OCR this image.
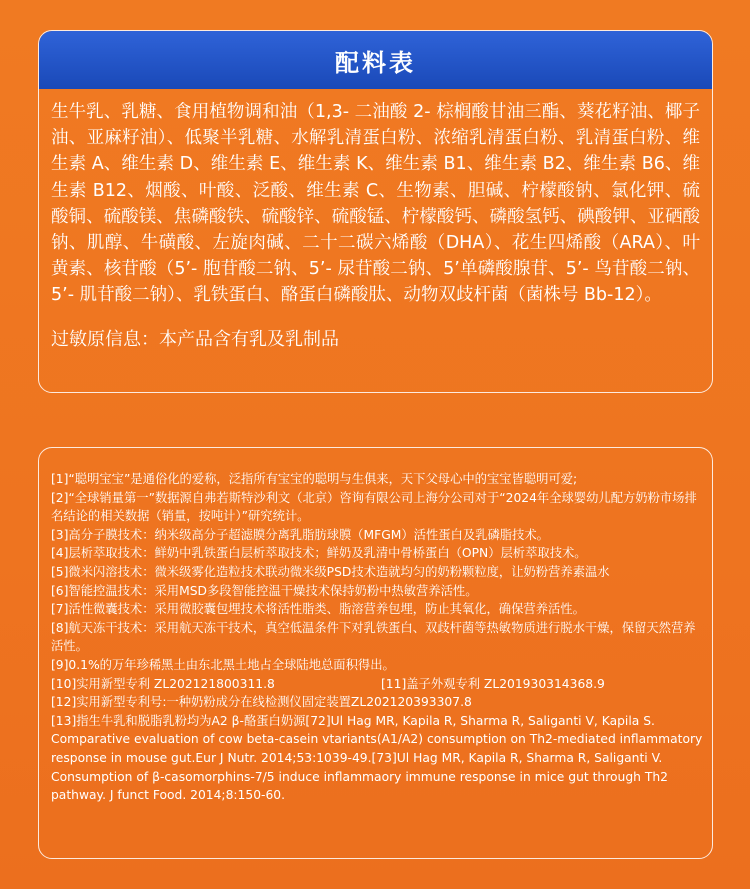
配料表
生牛乳、乳糖、食用植物调和油（1,3- 二油酸 2- 棕榈酸甘油三酯、葵花籽油、椰子油、亚麻籽油）、低聚半乳糖、水解乳清蛋白粉、浓缩乳清蛋白粉、乳清蛋白粉、维生素 A、维生素 D、维生素 E、维生素 K、维生素 B1、维生素 B2、维生素 B6、维生素 B12、烟酸、叶酸、泛酸、维生素 C、生物素、胆碱、柠檬酸钠、氯化钾、硫酸铜、硫酸镁、焦磷酸铁、硫酸锌、硫酸锰、柠檬酸钙、磷酸氢钙、碘酸钾、亚硒酸钠、肌醇、牛磺酸、左旋肉碱、二十二碳六烯酸（DHA）、花生四烯酸（ARA）、叶黄素、核苷酸（5’- 胞苷酸二钠、5’- 尿苷酸二钠、5’单磷酸腺苷、5’- 鸟苷酸二钠、5’- 肌苷酸二钠）、乳铁蛋白、酪蛋白磷酸肽、动物双歧杆菌（菌株号 Bb-12）。
过敏原信息：本产品含有乳及乳制品

[1]“聪明宝宝”是通俗化的爱称，泛指所有宝宝的聪明与生俱来，天下父母心中的宝宝皆聪明可爱;

[2]“全球销量第一”数据源自弗若斯特沙利文（北京）咨询有限公司上海分公司对于“2024年全球婴幼儿配方奶粉市场排名结论的相关数据（销量，按吨计）”研究统计。

[3]高分子膜技术：纳米级高分子超滤膜分离乳脂肪球膜（MFGM）活性蛋白及乳磷脂技术。

[4]层析萃取技术：鲜奶中乳铁蛋白层析萃取技术；鲜奶及乳清中骨桥蛋白（OPN）层析萃取技术。

[5]微米闪溶技术：微米级雾化造粒技术联动微米级PSD技术造就均匀的奶粉颗粒度，让奶粉营养素温水

[6]智能控温技术：采用MSD多段智能控温干燥技术保持奶粉中热敏营养活性。

[7]活性微囊技术：采用微胶囊包埋技术将活性脂类、脂溶营养包埋，防止其氧化，确保营养活性。

[8]航天冻干技术：采用航天冻干技术，真空低温条件下对乳铁蛋白、双歧杆菌等热敏物质进行脱水干燥，保留天然营养活性。

[9]0.1%的万年珍稀黑土由东北黑土地占全球陆地总面积得出。

[10]实用新型专利 ZL202121800311.8	[11]盖子外观专利 ZL201930314368.9

[12]实用新型专利号:一种奶粉成分在线检测仪固定装置ZL202120393307.8

[13]指生牛乳和脱脂乳粉均为A2 β-酪蛋白奶源[72]Ul Hag MR, Kapila R, Sharma R, Saliganti V, Kapila S. Comparative evaluation of cow beta-casein vtariants(A1/A2) consumption on Th2-mediated inflammatory response in mouse gut.Eur J Nutr. 2014;53:1039-49.[73]Ul Hag MR, Kapila R, Sharma R, Saliganti V. Consumption of β-casomorphins-7/5 induce inflammaory immune response in mice gut through Th2 pathway. J funct Food. 2014;8:150-60.
